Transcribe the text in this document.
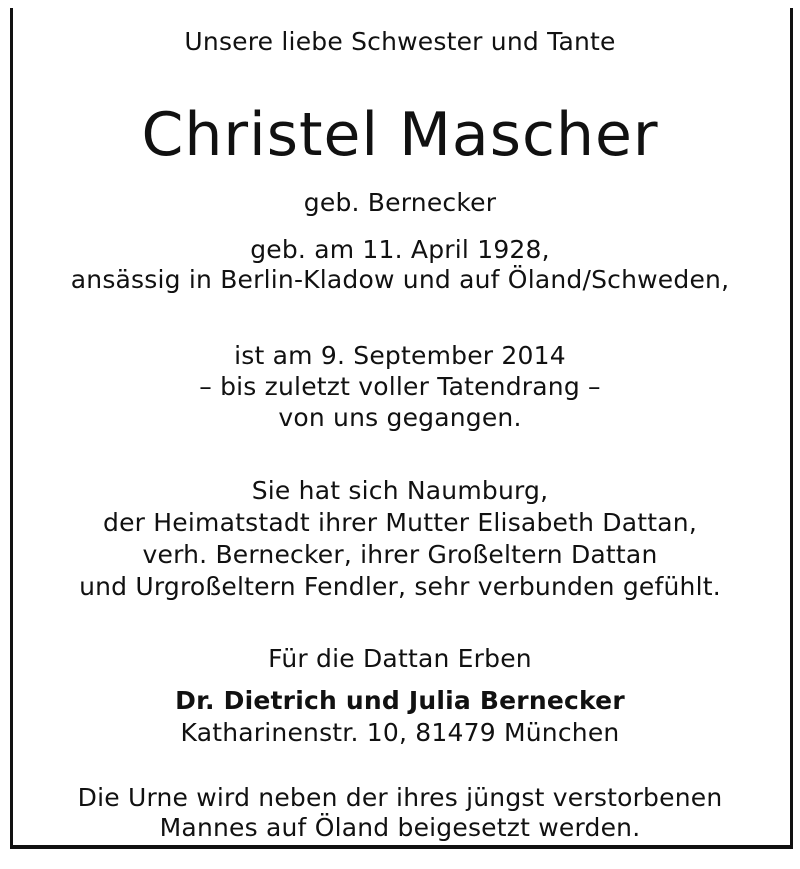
Unsere liebe Schwester und Tante
Christel Mascher
geb. Bernecker
geb. am 11. April 1928,
ansässig in Berlin-Kladow und auf Öland/Schweden,
ist am 9. September 2014
– bis zuletzt voller Tatendrang –
von uns gegangen.
Sie hat sich Naumburg,
der Heimatstadt ihrer Mutter Elisabeth Dattan,
verh. Bernecker, ihrer Großeltern Dattan
und Urgroßeltern Fendler, sehr verbunden gefühlt.
Für die Dattan Erben
Dr. Dietrich und Julia Bernecker
Katharinenstr. 10, 81479 München
Die Urne wird neben der ihres jüngst verstorbenen
Mannes auf Öland beigesetzt werden.
